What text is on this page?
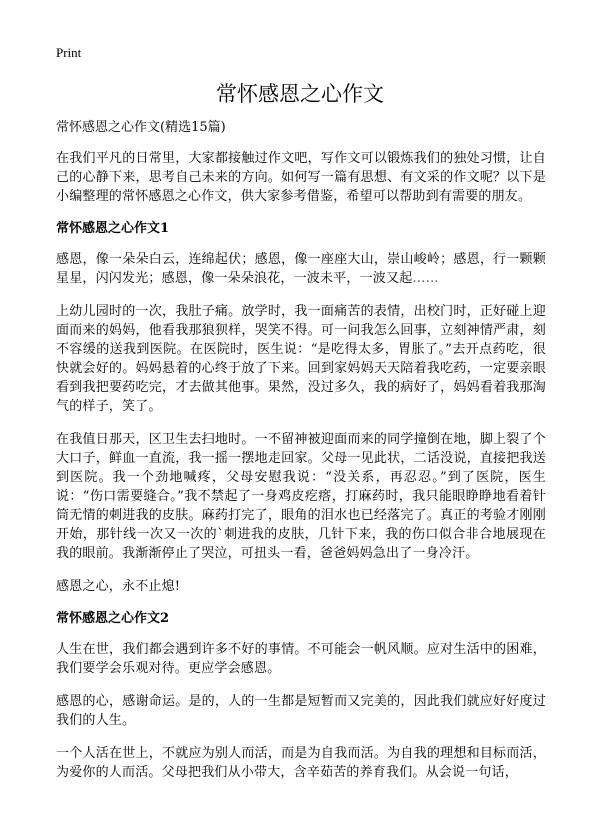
Print
常怀感恩之心作文
常怀感恩之心作文(精选15篇)

在我们平凡的日常里，大家都接触过作文吧，写作文可以锻炼我们的独处习惯，让自己的心静下来，思考自己未来的方向。如何写一篇有思想、有文采的作文呢？以下是小编整理的常怀感恩之心作文，供大家参考借鉴，希望可以帮助到有需要的朋友。

常怀感恩之心作文1

感恩，像一朵朵白云，连绵起伏；感恩，像一座座大山，崇山峻岭；感恩，行一颗颗星星，闪闪发光；感恩，像一朵朵浪花，一波未平，一波又起……

上幼儿园时的一次，我肚子痛。放学时，我一面痛苦的表情，出校门时，正好碰上迎面而来的妈妈，他看我那狼狈样，哭笑不得。可一问我怎么回事，立刻神情严肃，刻不容缓的送我到医院。在医院时，医生说：“是吃得太多，胃胀了。”去开点药吃，很快就会好的。妈妈悬着的心终于放了下来。回到家妈妈天天陪着我吃药，一定要亲眼看到我把要药吃完，才去做其他事。果然，没过多久，我的病好了，妈妈看着我那淘气的样子，笑了。

在我值日那天，区卫生去扫地时。一不留神被迎面而来的同学撞倒在地，脚上裂了个大口子，鲜血一直流，我一摇一摆地走回家。父母一见此状，二话没说，直接把我送到医院。我一个劲地喊疼，父母安慰我说：“没关系，再忍忍。”到了医院，医生说：“伤口需要缝合。”我不禁起了一身鸡皮疙瘩，打麻药时，我只能眼睁睁地看着针筒无情的刺进我的皮肤。麻药打完了，眼角的泪水也已经落完了。真正的考验才刚刚开始，那针线一次又一次的`刺进我的皮肤，几针下来，我的伤口似合非合地展现在我的眼前。我渐渐停止了哭泣，可扭头一看，爸爸妈妈急出了一身冷汗。

感恩之心，永不止熄!

常怀感恩之心作文2

人生在世，我们都会遇到许多不好的事情。不可能会一帆风顺。应对生活中的困难，我们要学会乐观对待。更应学会感恩。

感恩的心，感谢命运。是的，人的一生都是短暂而又完美的，因此我们就应好好度过我们的人生。

一个人活在世上，不就应为别人而活，而是为自我而活。为自我的理想和目标而活，为爱你的人而活。父母把我们从小带大，含辛茹苦的养育我们。从会说一句话，
